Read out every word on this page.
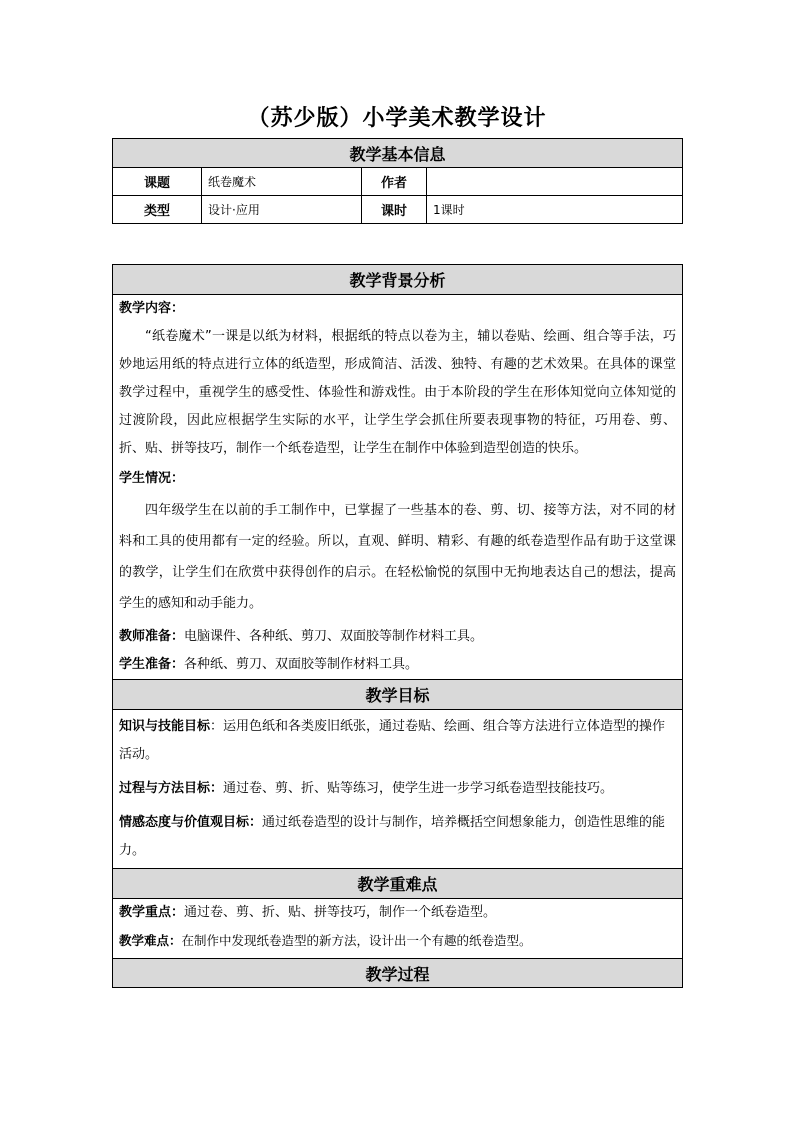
（苏少版）小学美术教学设计
教学基本信息			
课题	纸卷魔术	作者	
类型	设计·应用	课时	1课时
教学背景分析

教学内容：
“纸卷魔术”一课是以纸为材料，根据纸的特点以卷为主，辅以卷贴、绘画、组合等手法，巧妙地运用纸的特点进行立体的纸造型，形成简洁、活泼、独特、有趣的艺术效果。在具体的课堂教学过程中，重视学生的感受性、体验性和游戏性。由于本阶段的学生在形体知觉向立体知觉的过渡阶段，因此应根据学生实际的水平，让学生学会抓住所要表现事物的特征，巧用卷、剪、折、贴、拼等技巧，制作一个纸卷造型，让学生在制作中体验到造型创造的快乐。
学生情况：
四年级学生在以前的手工制作中，已掌握了一些基本的卷、剪、切、接等方法，对不同的材料和工具的使用都有一定的经验。所以，直观、鲜明、精彩、有趣的纸卷造型作品有助于这堂课的教学，让学生们在欣赏中获得创作的启示。在轻松愉悦的氛围中无拘地表达自己的想法，提高学生的感知和动手能力。
教师准备：电脑课件、各种纸、剪刀、双面胶等制作材料工具。
学生准备：各种纸、剪刀、双面胶等制作材料工具。

教学目标

知识与技能目标：运用色纸和各类废旧纸张，通过卷贴、绘画、组合等方法进行立体造型的操作活动。
过程与方法目标：通过卷、剪、折、贴等练习，使学生进一步学习纸卷造型技能技巧。
情感态度与价值观目标：通过纸卷造型的设计与制作，培养概括空间想象能力，创造性思维的能力。

教学重难点

教学重点：通过卷、剪、折、贴、拼等技巧，制作一个纸卷造型。
教学难点：在制作中发现纸卷造型的新方法，设计出一个有趣的纸卷造型。

教学过程
